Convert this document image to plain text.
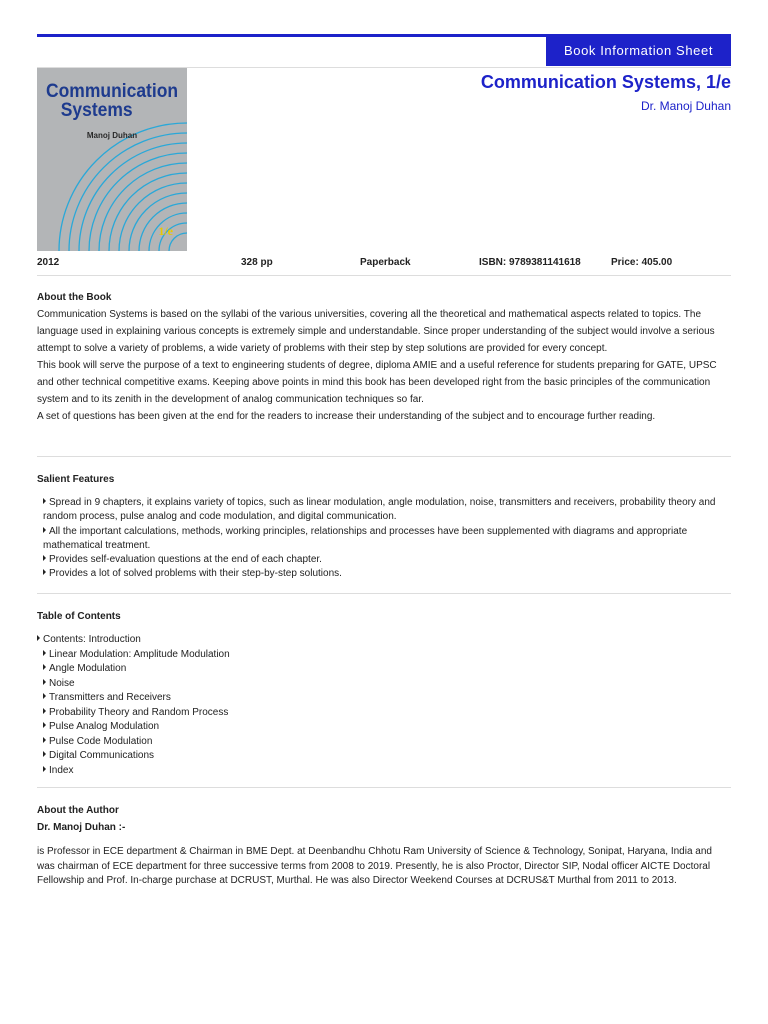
Book Information Sheet
Communication
Systems
Manoj Duhan
1/e
Communication Systems, 1/e
Dr. Manoj Duhan
2012	328 pp	Paperback	ISBN: 9789381141618	Price: 405.00
About the Book

Communication Systems is based on the syllabi of the various universities, covering all the theoretical and mathematical aspects related to topics. The language used in explaining various concepts is extremely simple and understandable. Since proper understanding of the subject would involve a serious attempt to solve a variety of problems, a wide variety of problems with their step by step solutions are provided for every concept.

This book will serve the purpose of a text to engineering students of degree, diploma AMIE and a useful reference for students preparing for GATE, UPSC and other technical competitive exams. Keeping above points in mind this book has been developed right from the basic principles of the communication system and to its zenith in the development of analog communication techniques so far.

A set of questions has been given at the end for the readers to increase their understanding of the subject and to encourage further reading.

Salient Features
Spread in 9 chapters, it explains variety of topics, such as linear modulation, angle modulation, noise, transmitters and receivers, probability theory and random process, pulse analog and code modulation, and digital communication.
All the important calculations, methods, working principles, relationships and processes have been supplemented with diagrams and appropriate mathematical treatment.
Provides self-evaluation questions at the end of each chapter.
Provides a lot of solved problems with their step-by-step solutions.
Table of Contents
Contents: Introduction
Linear Modulation: Amplitude Modulation
Angle Modulation
Noise
Transmitters and Receivers
Probability Theory and Random Process
Pulse Analog Modulation
Pulse Code Modulation
Digital Communications
Index
About the Author
Dr. Manoj Duhan :-
is Professor in ECE department & Chairman in BME Dept. at Deenbandhu Chhotu Ram University of Science & Technology, Sonipat, Haryana, India and was chairman of ECE department for three successive terms from 2008 to 2019. Presently, he is also Proctor, Director SIP, Nodal officer AICTE Doctoral Fellowship and Prof. In-charge purchase at DCRUST, Murthal. He was also Director Weekend Courses at DCRUS&T Murthal from 2011 to 2013.
